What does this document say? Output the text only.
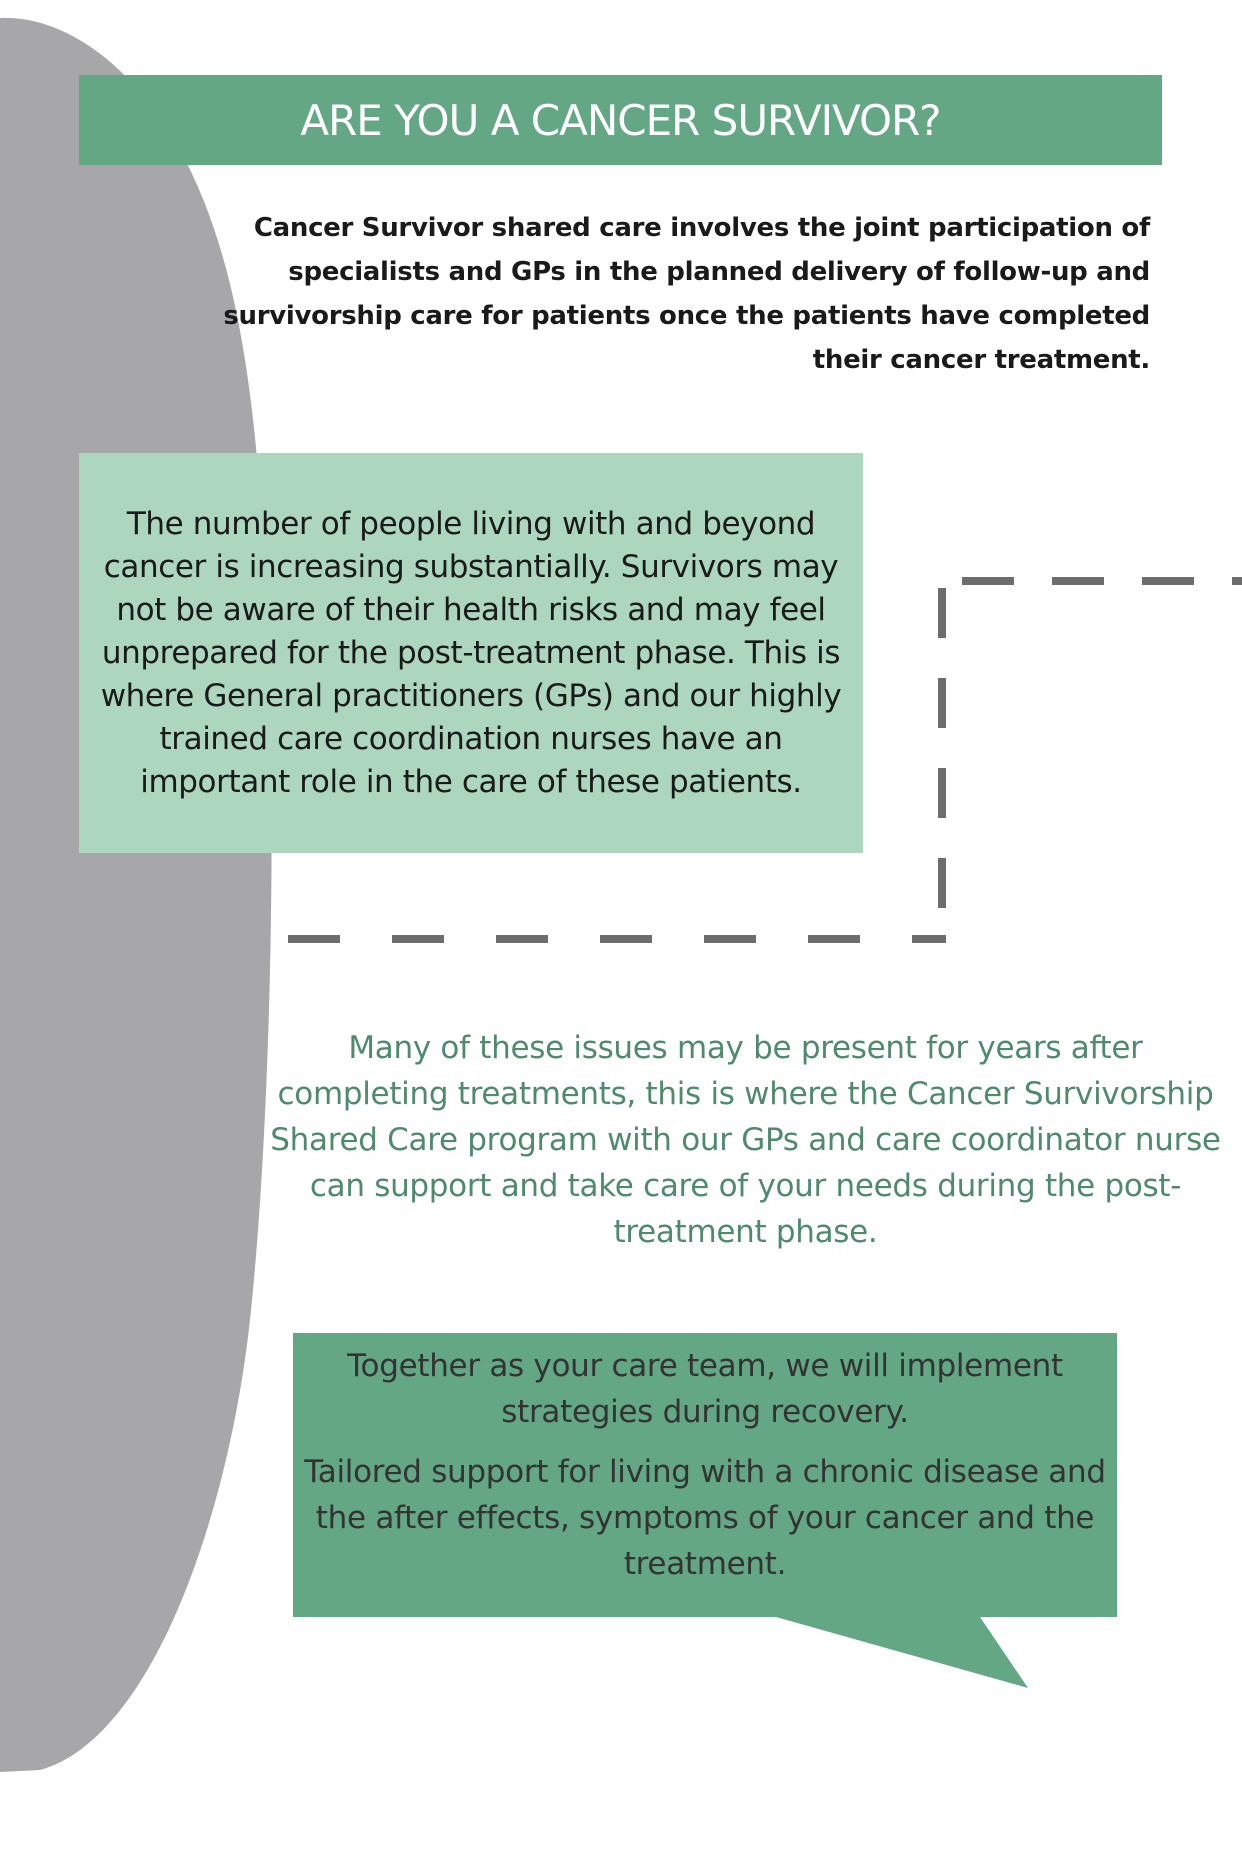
ARE YOU A CANCER SURVIVOR?
Cancer Survivor shared care involves the joint participation of specialists and GPs in the planned delivery of follow-up and survivorship care for patients once the patients have completed their cancer treatment.
The number of people living with and beyond cancer is increasing substantially. Survivors may not be aware of their health risks and may feel unprepared for the post-treatment phase. This is where General practitioners (GPs) and our highly trained care coordination nurses have an important role in the care of these patients.
Many of these issues may be present for years after completing treatments, this is where the Cancer Survivorship Shared Care program with our GPs and care coordinator nurse can support and take care of your needs during the post-treatment phase.

Together as your care team, we will implement strategies during recovery.

Tailored support for living with a chronic disease and the after effects, symptoms of your cancer and the treatment.
